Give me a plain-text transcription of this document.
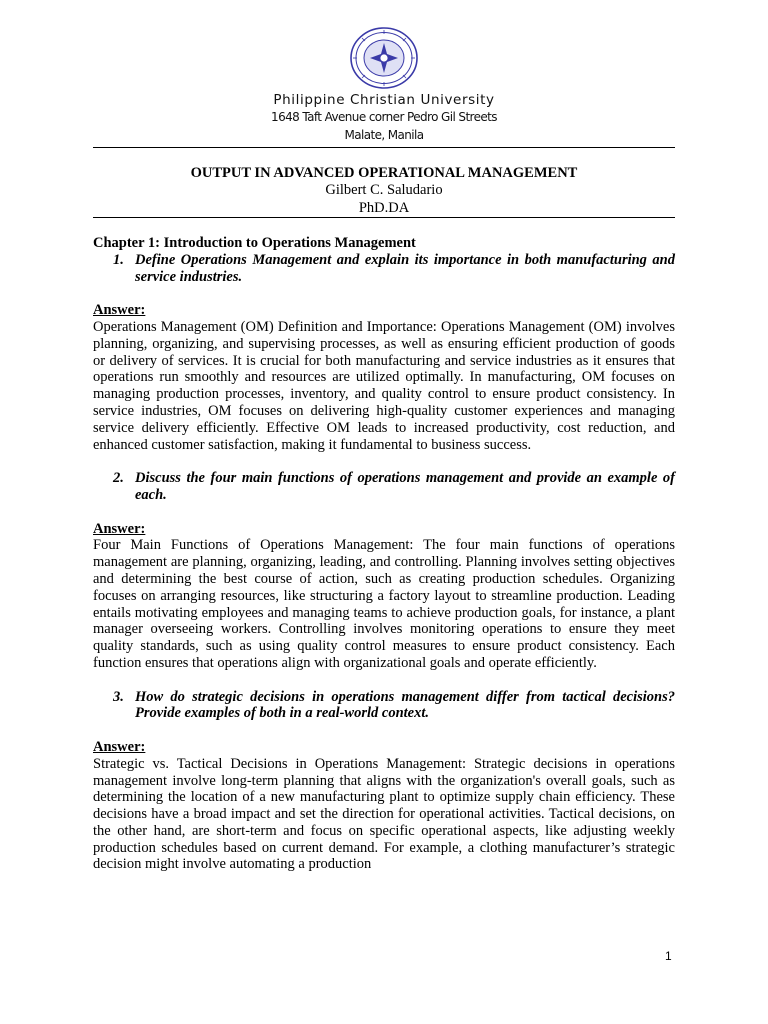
Philippine Christian University
1648 Taft Avenue corner Pedro Gil Streets
Malate, Manila
OUTPUT IN ADVANCED OPERATIONAL MANAGEMENT
Gilbert C. Saludario
PhD.DA

Chapter 1: Introduction to Operations Management

1. Define Operations Management and explain its importance in both manufacturing and service industries.

Answer:

Operations Management (OM) Definition and Importance: Operations Management (OM) involves planning, organizing, and supervising processes, as well as ensuring efficient production of goods or delivery of services. It is crucial for both manufacturing and service industries as it ensures that operations run smoothly and resources are utilized optimally. In manufacturing, OM focuses on managing production processes, inventory, and quality control to ensure product consistency. In service industries, OM focuses on delivering high-quality customer experiences and managing service delivery efficiently. Effective OM leads to increased productivity, cost reduction, and enhanced customer satisfaction, making it fundamental to business success.

2. Discuss the four main functions of operations management and provide an example of each.

Answer:

Four Main Functions of Operations Management: The four main functions of operations management are planning, organizing, leading, and controlling. Planning involves setting objectives and determining the best course of action, such as creating production schedules. Organizing focuses on arranging resources, like structuring a factory layout to streamline production. Leading entails motivating employees and managing teams to achieve production goals, for instance, a plant manager overseeing workers. Controlling involves monitoring operations to ensure they meet quality standards, such as using quality control measures to ensure product consistency. Each function ensures that operations align with organizational goals and operate efficiently.

3. How do strategic decisions in operations management differ from tactical decisions? Provide examples of both in a real-world context.

Answer:

Strategic vs. Tactical Decisions in Operations Management: Strategic decisions in operations management involve long-term planning that aligns with the organization's overall goals, such as determining the location of a new manufacturing plant to optimize supply chain efficiency. These decisions have a broad impact and set the direction for operational activities. Tactical decisions, on the other hand, are short-term and focus on specific operational aspects, like adjusting weekly production schedules based on current demand. For example, a clothing manufacturer’s strategic decision might involve automating a production

1
